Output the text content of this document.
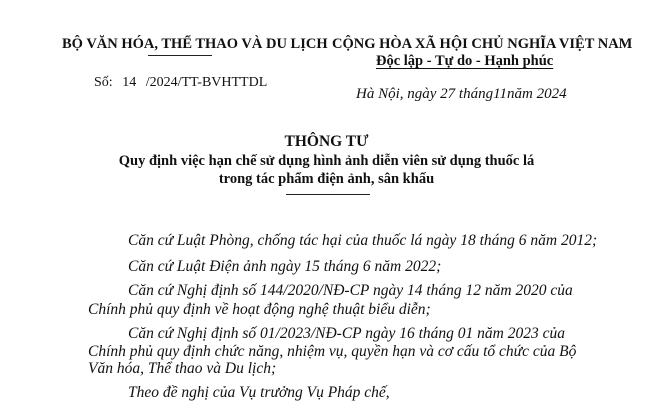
BỘ VĂN HÓA, THỂ THAO VÀ DU LỊCH
Số: 14 /2024/TT-BVHTTDL
CỘNG HÒA XÃ HỘI CHỦ NGHĨA VIỆT NAM
Độc lập - Tự do - Hạnh phúc
Hà Nội, ngày 27 tháng11năm 2024
THÔNG TƯ
Quy định việc hạn chế sử dụng hình ảnh diễn viên sử dụng thuốc lá
trong tác phẩm điện ảnh, sân khấu
Căn cứ Luật Phòng, chống tác hại của thuốc lá ngày 18 tháng 6 năm 2012;
Căn cứ Luật Điện ảnh ngày 15 tháng 6 năm 2022;
Căn cứ Nghị định số 144/2020/NĐ-CP ngày 14 tháng 12 năm 2020 của
Chính phủ quy định về hoạt động nghệ thuật biểu diễn;
Căn cứ Nghị định số 01/2023/NĐ-CP ngày 16 tháng 01 năm 2023 của
Chính phủ quy định chức năng, nhiệm vụ, quyền hạn và cơ cấu tổ chức của Bộ
Văn hóa, Thể thao và Du lịch;
Theo đề nghị của Vụ trưởng Vụ Pháp chế,
